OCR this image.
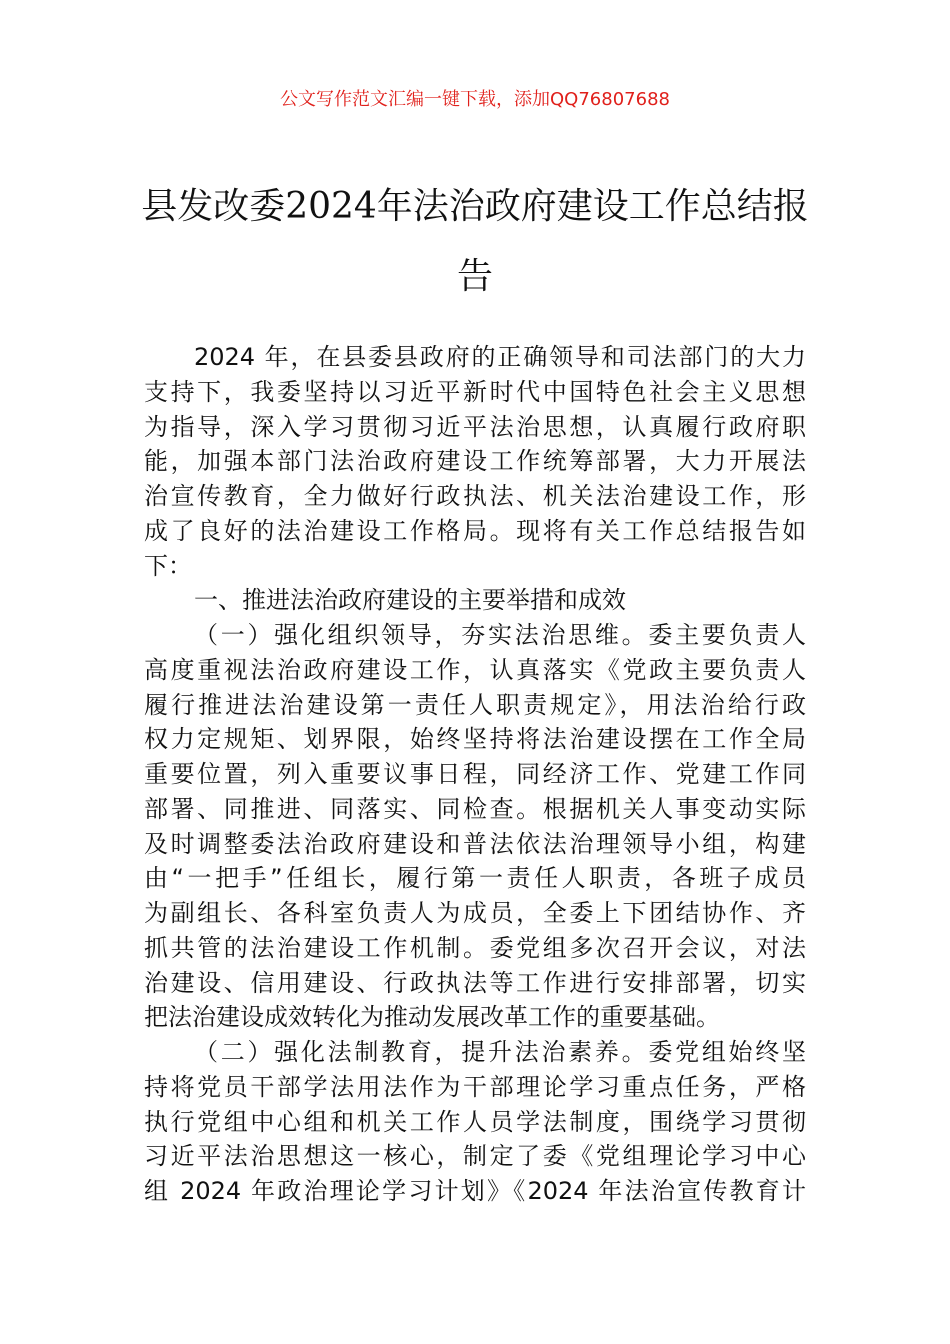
公文写作范文汇编一键下载，添加QQ76807688
县发改委2024年法治政府建设工作总结报
告
2024 年，在县委县政府的正确领导和司法部门的大力
支持下，我委坚持以习近平新时代中国特色社会主义思想
为指导，深入学习贯彻习近平法治思想，认真履行政府职
能，加强本部门法治政府建设工作统筹部署，大力开展法
治宣传教育，全力做好行政执法、机关法治建设工作，形
成了良好的法治建设工作格局。现将有关工作总结报告如
下：
一、推进法治政府建设的主要举措和成效
（一）强化组织领导，夯实法治思维。委主要负责人
高度重视法治政府建设工作，认真落实《党政主要负责人
履行推进法治建设第一责任人职责规定》，用法治给行政
权力定规矩、划界限，始终坚持将法治建设摆在工作全局
重要位置，列入重要议事日程，同经济工作、党建工作同
部署、同推进、同落实、同检查。根据机关人事变动实际
及时调整委法治政府建设和普法依法治理领导小组，构建
由“一把手”任组长，履行第一责任人职责，各班子成员
为副组长、各科室负责人为成员，全委上下团结协作、齐
抓共管的法治建设工作机制。委党组多次召开会议，对法
治建设、信用建设、行政执法等工作进行安排部署，切实
把法治建设成效转化为推动发展改革工作的重要基础。
（二）强化法制教育，提升法治素养。委党组始终坚
持将党员干部学法用法作为干部理论学习重点任务，严格
执行党组中心组和机关工作人员学法制度，围绕学习贯彻
习近平法治思想这一核心，制定了委《党组理论学习中心
组 2024 年政治理论学习计划》《2024 年法治宣传教育计
